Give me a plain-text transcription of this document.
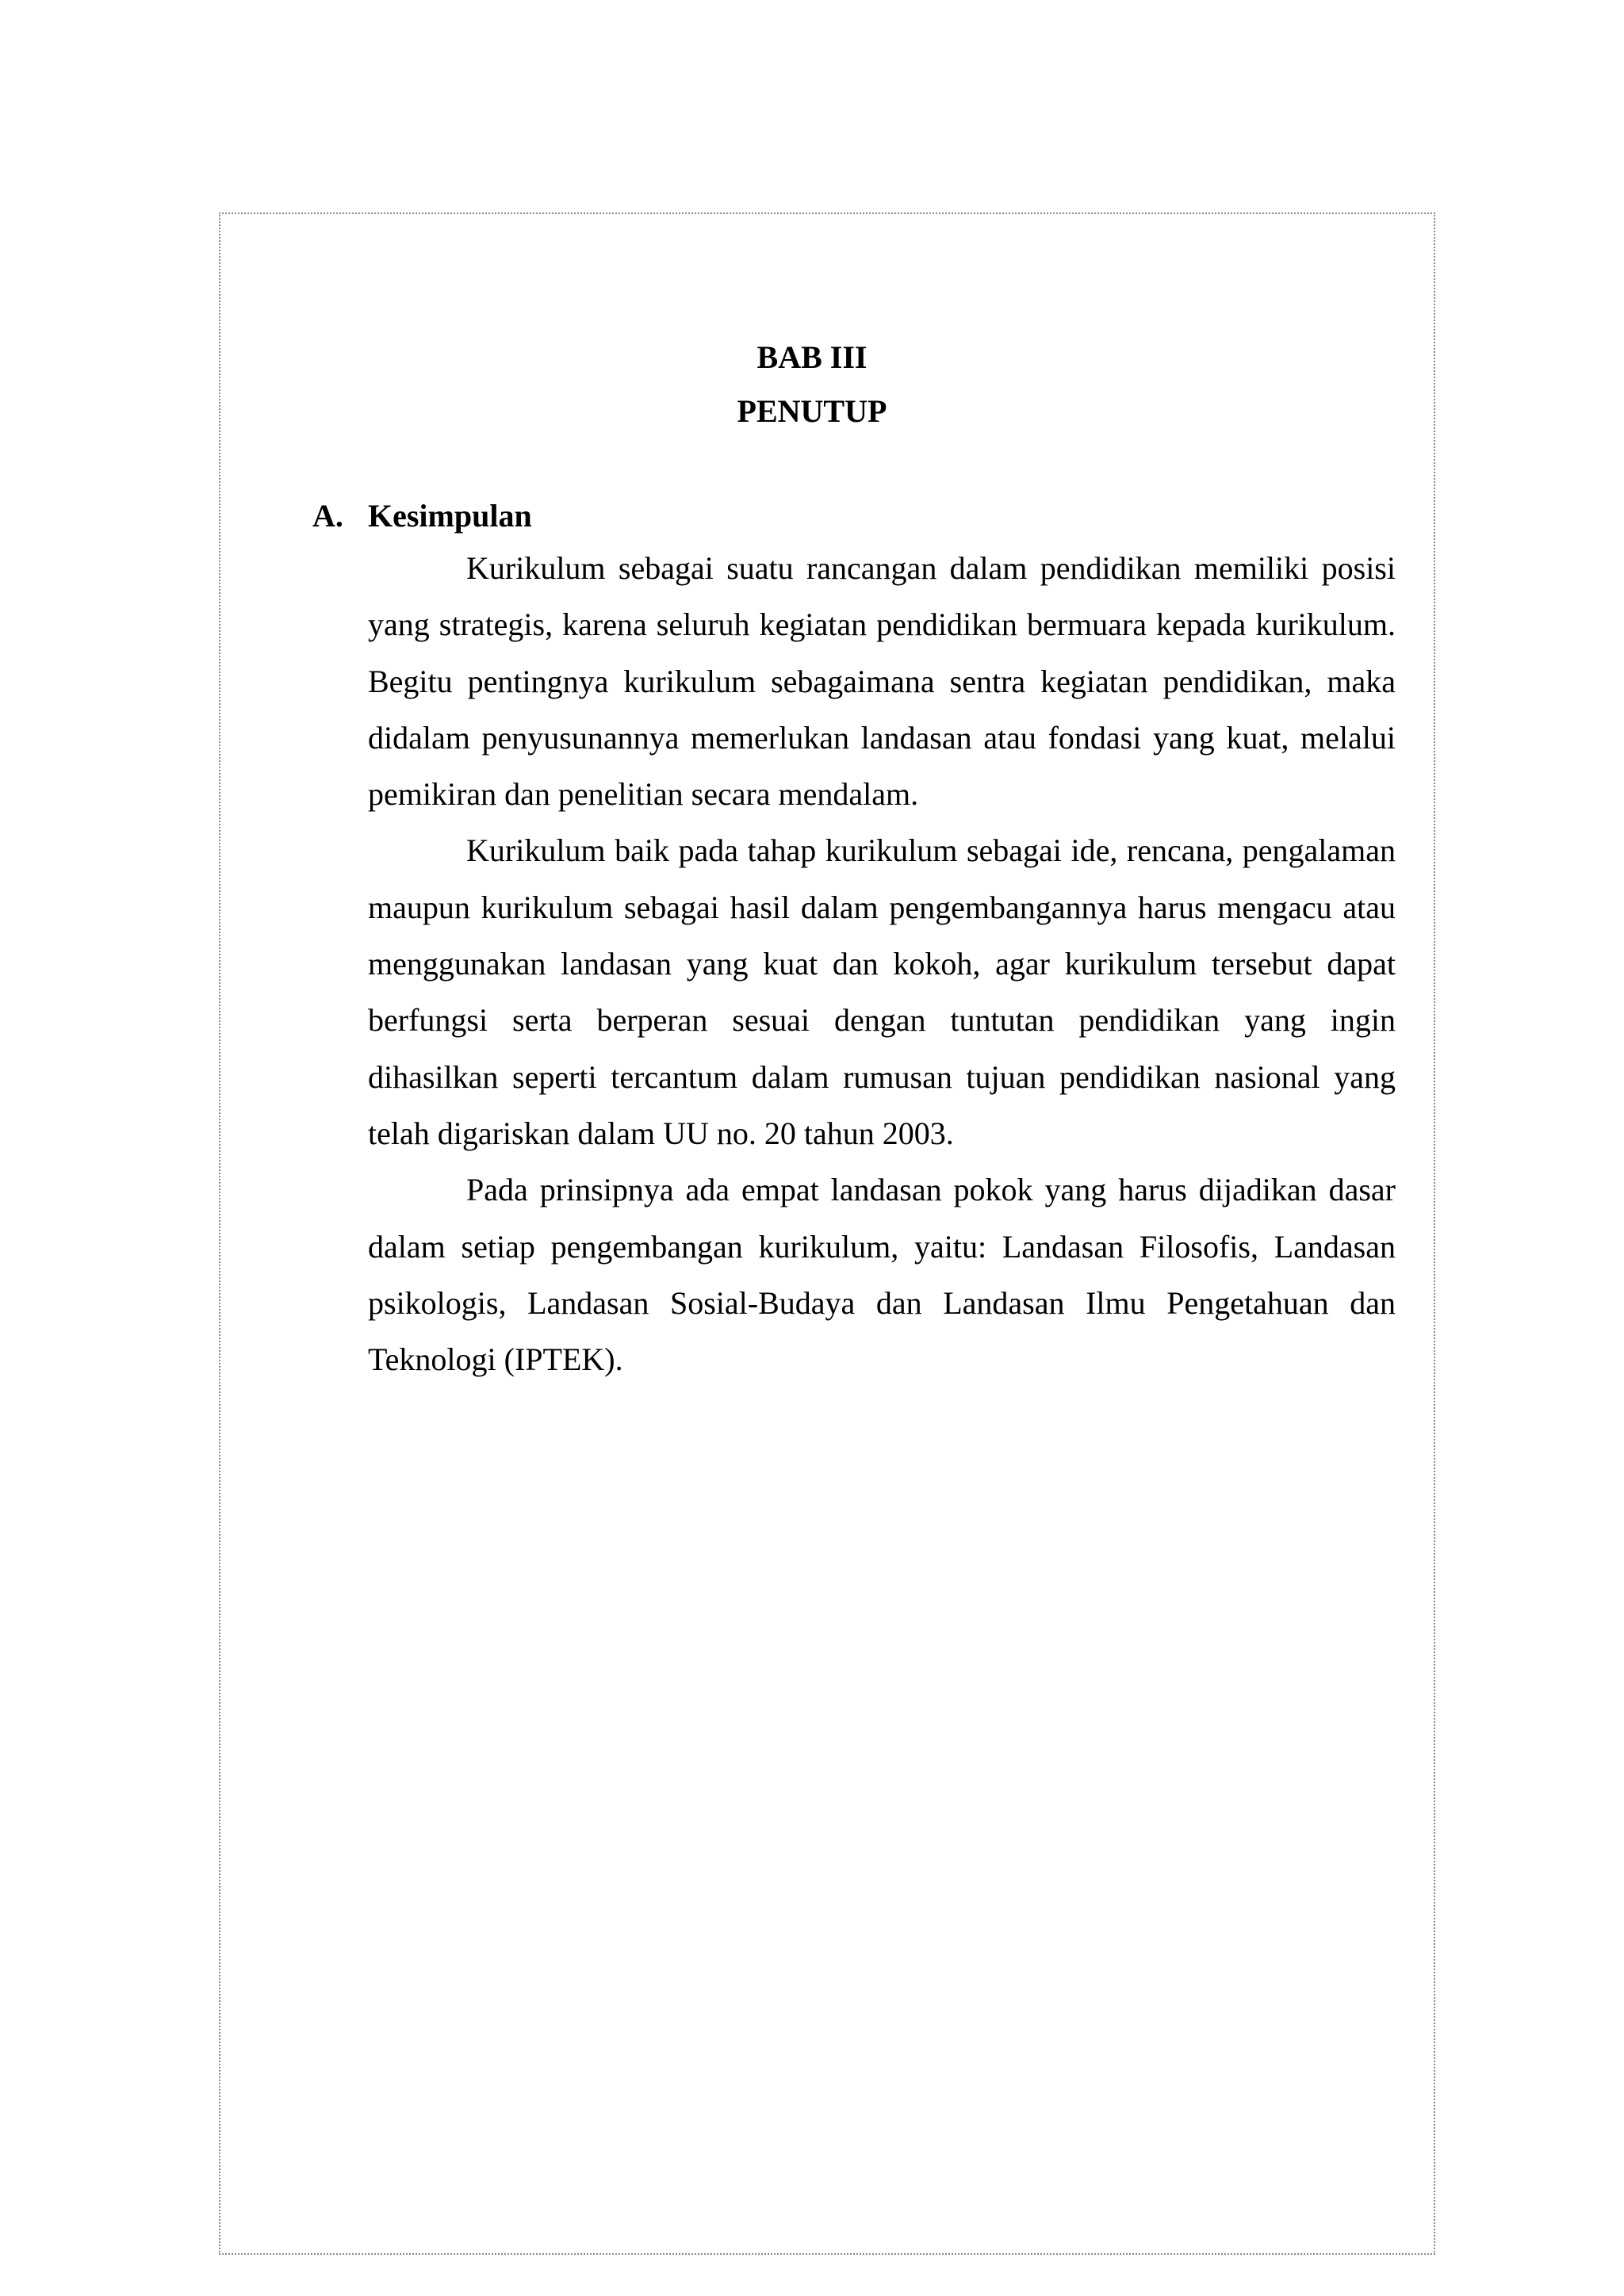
BAB III
PENUTUP
A. Kesimpulan

Kurikulum sebagai suatu rancangan dalam pendidikan memiliki posisi yang strategis, karena seluruh kegiatan pendidikan bermuara kepada kurikulum. Begitu pentingnya kurikulum sebagaimana sentra kegiatan pendidikan, maka didalam penyusunannya memerlukan landasan atau fondasi yang kuat, melalui pemikiran dan penelitian secara mendalam.

Kurikulum baik pada tahap kurikulum sebagai ide, rencana, pengalaman maupun kurikulum sebagai hasil dalam pengembangannya harus mengacu atau menggunakan landasan yang kuat dan kokoh, agar kurikulum tersebut dapat berfungsi serta berperan sesuai dengan tuntutan pendidikan yang ingin dihasilkan seperti tercantum dalam rumusan tujuan pendidikan nasional yang telah digariskan dalam UU no. 20 tahun 2003.

Pada prinsipnya ada empat landasan pokok yang harus dijadikan dasar dalam setiap pengembangan kurikulum, yaitu: Landasan Filosofis, Landasan psikologis, Landasan Sosial-Budaya dan Landasan Ilmu Pengetahuan dan Teknologi (IPTEK).
